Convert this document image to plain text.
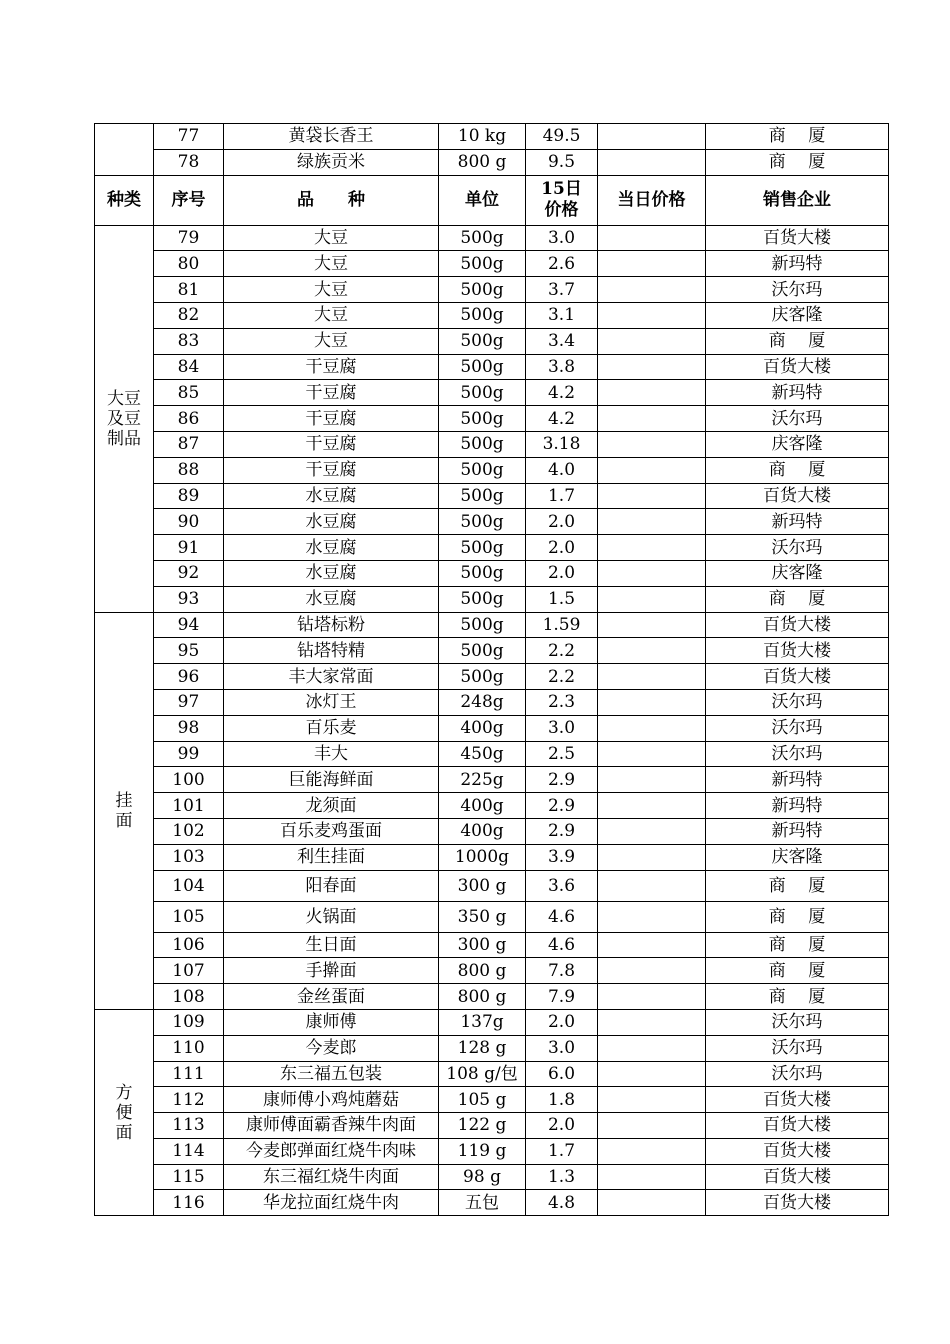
	77	黄袋长香王	10 kg	49.5		商　 厦
	78	绿族贡米	800 g	9.5		商　 厦
种类	序号	品　　种	单位	15日
价格	当日价格	销售企业
大豆
及豆
制品	79	大豆	500g	3.0		百货大楼
	80	大豆	500g	2.6		新玛特
	81	大豆	500g	3.7		沃尔玛
	82	大豆	500g	3.1		庆客隆
	83	大豆	500g	3.4		商　 厦
	84	干豆腐	500g	3.8		百货大楼
	85	干豆腐	500g	4.2		新玛特
	86	干豆腐	500g	4.2		沃尔玛
	87	干豆腐	500g	3.18		庆客隆
	88	干豆腐	500g	4.0		商　 厦
	89	水豆腐	500g	1.7		百货大楼
	90	水豆腐	500g	2.0		新玛特
	91	水豆腐	500g	2.0		沃尔玛
	92	水豆腐	500g	2.0		庆客隆
	93	水豆腐	500g	1.5		商　 厦
挂
面	94	钻塔标粉	500g	1.59		百货大楼
	95	钻塔特精	500g	2.2		百货大楼
	96	丰大家常面	500g	2.2		百货大楼
	97	冰灯王	248g	2.3		沃尔玛
	98	百乐麦	400g	3.0		沃尔玛
	99	丰大	450g	2.5		沃尔玛
	100	巨能海鲜面	225g	2.9		新玛特
	101	龙须面	400g	2.9		新玛特
	102	百乐麦鸡蛋面	400g	2.9		新玛特
	103	利生挂面	1000g	3.9		庆客隆
	104	阳春面	300 g	3.6		商　 厦
	105	火锅面	350 g	4.6		商　 厦
	106	生日面	300 g	4.6		商　 厦
	107	手擀面	800 g	7.8		商　 厦
	108	金丝蛋面	800 g	7.9		商　 厦
方
便
面	109	康师傅	137g	2.0		沃尔玛
	110	今麦郎	128 g	3.0		沃尔玛
	111	东三福五包装	108 g/包	6.0		沃尔玛
	112	康师傅小鸡炖蘑菇	105 g	1.8		百货大楼
	113	康师傅面霸香辣牛肉面	122 g	2.0		百货大楼
	114	今麦郎弹面红烧牛肉味	119 g	1.7		百货大楼
	115	东三福红烧牛肉面	98 g	1.3		百货大楼
	116	华龙拉面红烧牛肉	五包	4.8		百货大楼
